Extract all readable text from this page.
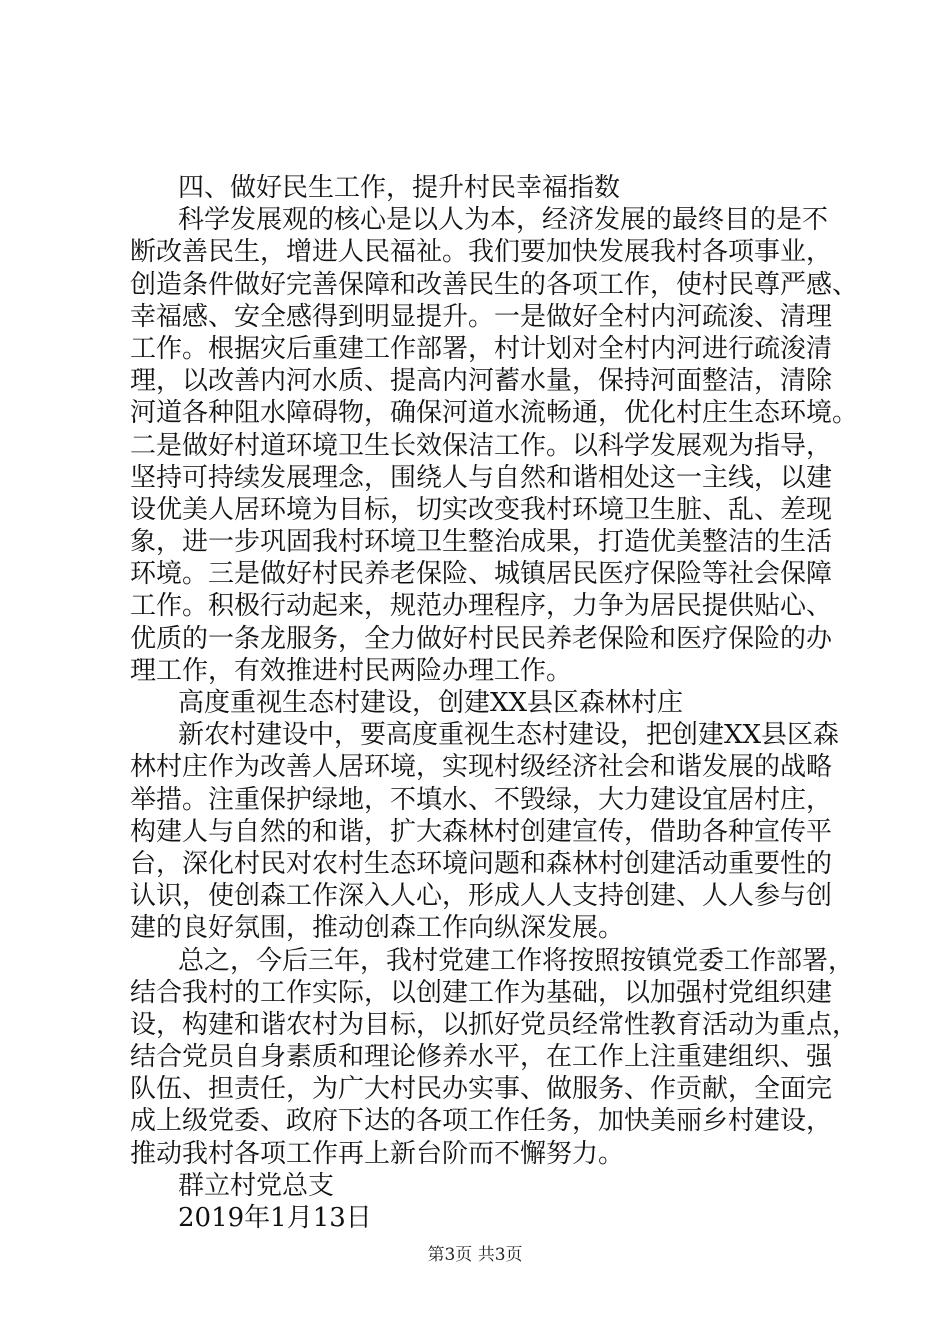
四、做好民生工作，提升村民幸福指数
科学发展观的核心是以人为本，经济发展的最终目的是不
断改善民生，增进人民福祉。我们要加快发展我村各项事业，
创造条件做好完善保障和改善民生的各项工作，使村民尊严感、
幸福感、安全感得到明显提升。一是做好全村内河疏浚、清理
工作。根据灾后重建工作部署，村计划对全村内河进行疏浚清
理，以改善内河水质、提高内河蓄水量，保持河面整洁，清除
河道各种阻水障碍物，确保河道水流畅通，优化村庄生态环境。
二是做好村道环境卫生长效保洁工作。以科学发展观为指导，
坚持可持续发展理念，围绕人与自然和谐相处这一主线，以建
设优美人居环境为目标，切实改变我村环境卫生脏、乱、差现
象，进一步巩固我村环境卫生整治成果，打造优美整洁的生活
环境。三是做好村民养老保险、城镇居民医疗保险等社会保障
工作。积极行动起来，规范办理程序，力争为居民提供贴心、
优质的一条龙服务，全力做好村民民养老保险和医疗保险的办
理工作，有效推进村民两险办理工作。
高度重视生态村建设，创建XX县区森林村庄
新农村建设中，要高度重视生态村建设，把创建XX县区森
林村庄作为改善人居环境，实现村级经济社会和谐发展的战略
举措。注重保护绿地，不填水、不毁绿，大力建设宜居村庄，
构建人与自然的和谐，扩大森林村创建宣传，借助各种宣传平
台，深化村民对农村生态环境问题和森林村创建活动重要性的
认识，使创森工作深入人心，形成人人支持创建、人人参与创
建的良好氛围，推动创森工作向纵深发展。
总之，今后三年，我村党建工作将按照按镇党委工作部署，
结合我村的工作实际，以创建工作为基础，以加强村党组织建
设，构建和谐农村为目标，以抓好党员经常性教育活动为重点，
结合党员自身素质和理论修养水平，在工作上注重建组织、强
队伍、担责任，为广大村民办实事、做服务、作贡献，全面完
成上级党委、政府下达的各项工作任务，加快美丽乡村建设，
推动我村各项工作再上新台阶而不懈努力。
群立村党总支
2019年1月13日
第3页 共3页
